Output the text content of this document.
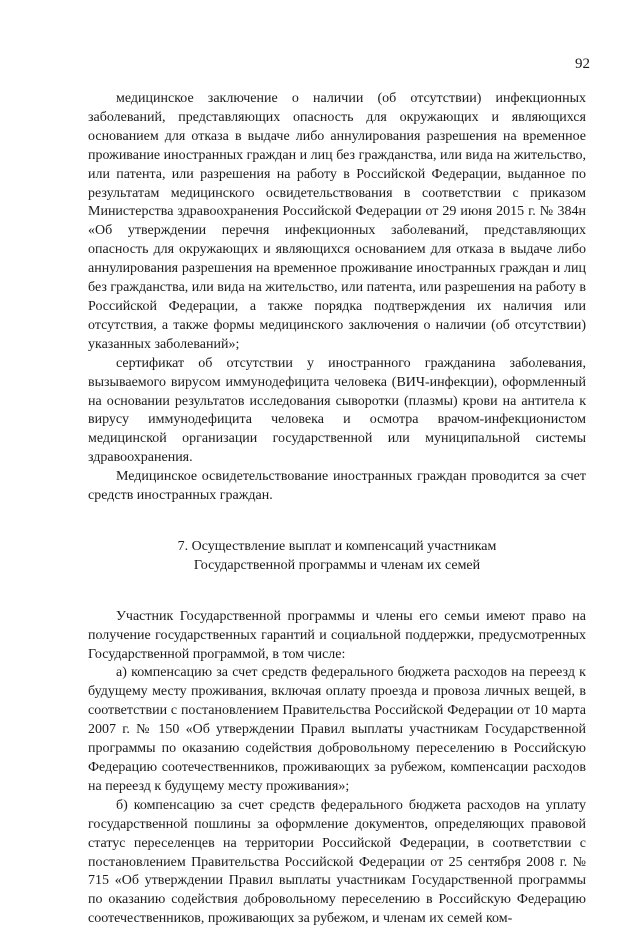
92

медицинское заключение о наличии (об отсутствии) инфекционных заболеваний, представляющих опасность для окружающих и являющихся основанием для отказа в выдаче либо аннулирования разрешения на временное проживание иностранных граждан и лиц без гражданства, или вида на жительство, или патента, или разрешения на работу в Российской Федерации, выданное по результатам медицинского освидетельствования в соответствии с приказом Министерства здравоохранения Российской Федерации от 29 июня 2015 г. № 384н «Об утверждении перечня инфекционных заболеваний, представляющих опасность для окружающих и являющихся основанием для отказа в выдаче либо аннулирования разрешения на временное проживание иностранных граждан и лиц без гражданства, или вида на жительство, или патента, или разрешения на работу в Российской Федерации, а также порядка подтверждения их наличия или отсутствия, а также формы медицинского заключения о наличии (об отсутствии) указанных заболеваний»;

сертификат об отсутствии у иностранного гражданина заболевания, вызываемого вирусом иммунодефицита человека (ВИЧ-инфекции), оформленный на основании результатов исследования сыворотки (плазмы) крови на антитела к вирусу иммунодефицита человека и осмотра врачом-инфекционистом медицинской организации государственной или муниципальной системы здравоохранения.

Медицинское освидетельствование иностранных граждан проводится за счет средств иностранных граждан.

7. Осуществление выплат и компенсаций участникам
Государственной программы и членам их семей

Участник Государственной программы и члены его семьи имеют право на получение государственных гарантий и социальной поддержки, предусмотренных Государственной программой, в том числе:

а) компенсацию за счет средств федерального бюджета расходов на переезд к будущему месту проживания, включая оплату проезда и провоза личных вещей, в соответствии с постановлением Правительства Российской Федерации от 10 марта 2007 г. № 150 «Об утверждении Правил выплаты участникам Государственной программы по оказанию содействия добровольному переселению в Российскую Федерацию соотечественников, проживающих за рубежом, компенсации расходов на переезд к будущему месту проживания»;

б) компенсацию за счет средств федерального бюджета расходов на уплату государственной пошлины за оформление документов, определяющих правовой статус переселенцев на территории Российской Федерации, в соответствии с постановлением Правительства Российской Федерации от 25 сентября 2008 г. № 715 «Об утверждении Правил выплаты участникам Государственной программы по оказанию содействия добровольному переселению в Российскую Федерацию соотечественников, проживающих за рубежом, и членам их семей ком-
